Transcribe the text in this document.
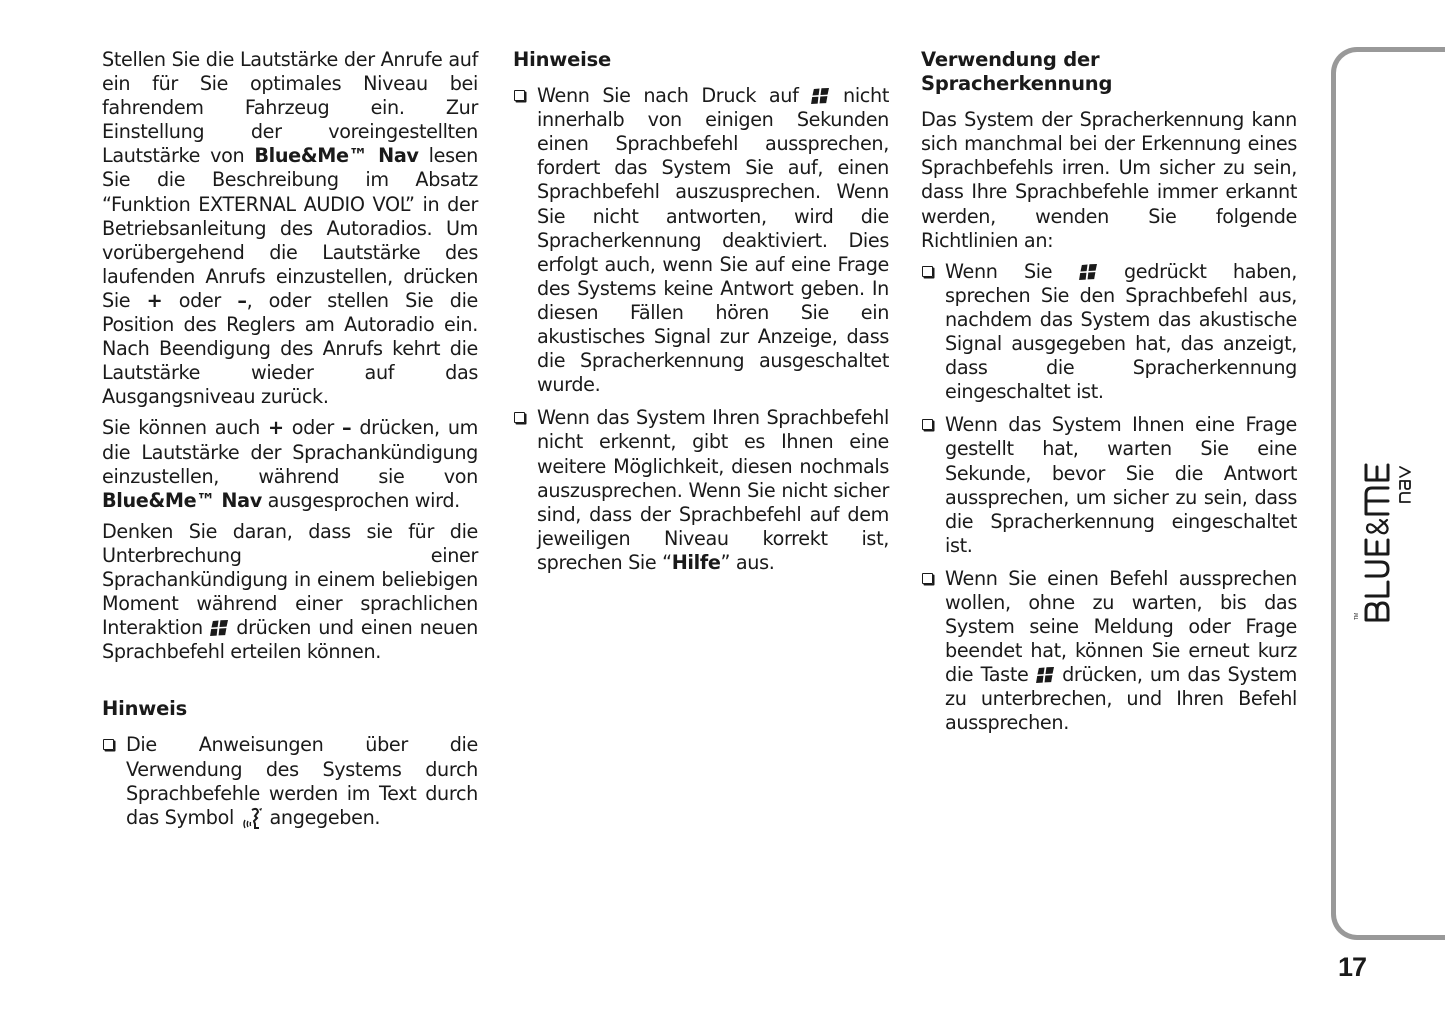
Stellen Sie die Lautstärke der Anrufe auf ein für Sie optimales Niveau bei fahrendem Fahrzeug ein. Zur Einstellung der voreingestellten Lautstärke von Blue&Me™ Nav lesen Sie die Beschreibung im Absatz “Funktion EXTERNAL AUDIO VOL” in der Betriebsanleitung des Autoradios. Um vorübergehend die Lautstärke des laufenden Anrufs einzustellen, drücken Sie + oder –, oder stellen Sie die Position des Reglers am Autoradio ein. Nach Beendigung des Anrufs kehrt die Lautstärke wieder auf das Ausgangsniveau zurück.

Sie können auch + oder – drücken, um die Lautstärke der Sprachankündigung einzustellen, während sie von Blue&Me™ Nav ausgesprochen wird.

Denken Sie daran, dass sie für die Unterbrechung einer Sprachankündigung in einem beliebigen Moment während einer sprachlichen Interaktion  drücken und einen neuen Sprachbefehl erteilen können.

Hinweis
Die Anweisungen über die Verwendung des Systems durch Sprachbefehle werden im Text durch das Symbol  angegeben.
Hinweise
Wenn Sie nach Druck auf  nicht innerhalb von einigen Sekunden einen Sprachbefehl aussprechen, fordert das System Sie auf, einen Sprachbefehl auszusprechen. Wenn Sie nicht antworten, wird die Spracherkennung deaktiviert. Dies erfolgt auch, wenn Sie auf eine Frage des Systems keine Antwort geben. In diesen Fällen hören Sie ein akustisches Signal zur Anzeige, dass die Spracherkennung ausgeschaltet wurde.
Wenn das System Ihren Sprachbefehl nicht erkennt, gibt es Ihnen eine weitere Möglichkeit, diesen nochmals auszusprechen. Wenn Sie nicht sicher sind, dass der Sprachbefehl auf dem jeweiligen Niveau korrekt ist, sprechen Sie “Hilfe” aus.
Verwendung der Spracherkennung

Das System der Spracherkennung kann sich manchmal bei der Erkennung eines Sprachbefehls irren. Um sicher zu sein, dass Ihre Sprachbefehle immer erkannt werden, wenden Sie folgende Richtlinien an:

Wenn Sie  gedrückt haben, sprechen Sie den Sprachbefehl aus, nachdem das System das akustische Signal ausgegeben hat, das anzeigt, dass die Spracherkennung eingeschaltet ist.
Wenn das System Ihnen eine Frage gestellt hat, warten Sie eine Sekunde, bevor Sie die Antwort aussprechen, um sicher zu sein, dass die Spracherkennung eingeschaltet ist.
Wenn Sie einen Befehl aussprechen wollen, ohne zu warten, bis das System seine Meldung oder Frage beendet hat, können Sie erneut kurz die Taste  drücken, um das System zu unterbrechen, und Ihren Befehl aussprechen.
TM
17
